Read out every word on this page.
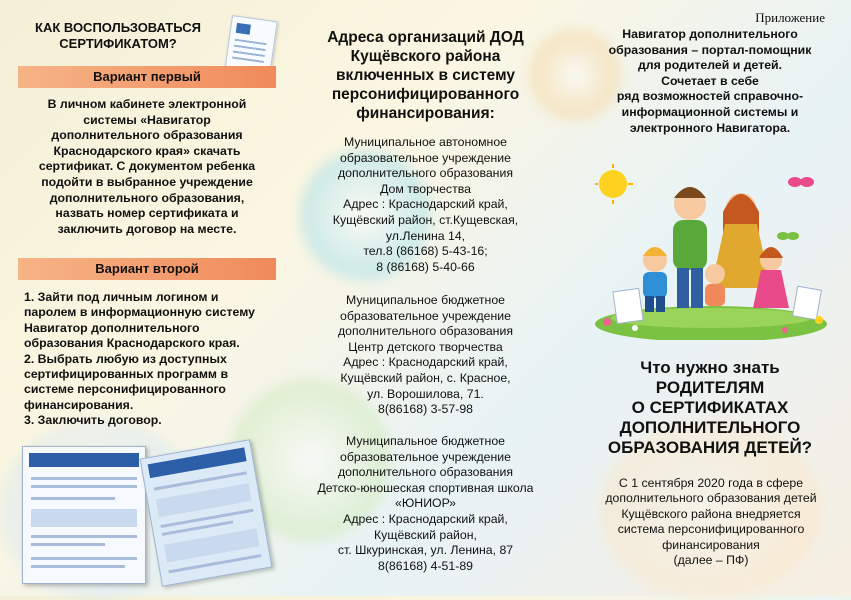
КАК ВОСПОЛЬЗОВАТЬСЯ
СЕРТИФИКАТОМ?
Вариант первый
В личном кабинете электронной
системы «Навигатор
дополнительного образования
Краснодарского края» скачать
сертификат. С документом ребенка
подойти в выбранное учреждение
дополнительного образования,
назвать номер сертификата и
заключить договор на месте.
Вариант второй
1. Зайти под личным логином и
паролем в информационную систему
Навигатор дополнительного
образования Краснодарского края.
2. Выбрать любую из доступных
сертифицированных программ в
системе персонифицированного
финансирования.
3. Заключить договор.
Адреса организаций ДОД
Кущёвского района
включенных в систему
персонифицированного
финансирования:
Муниципальное автономное
образовательное учреждение
дополнительного образования
Дом творчества
Адрес : Краснодарский край,
Кущёвский район, ст.Кущевская,
ул.Ленина 14,
тел.8 (86168) 5-43-16;
8 (86168) 5-40-66
Муниципальное бюджетное
образовательное учреждение
дополнительного образования
Центр детского творчества
Адрес : Краснодарский край,
Кущёвский район, с. Красное,
ул. Ворошилова, 71.
8(86168) 3-57-98
Муниципальное бюджетное
образовательное учреждение
дополнительного образования
Детско-юношеская спортивная школа
«ЮНИОР»
Адрес : Краснодарский край,
Кущёвский район,
ст. Шкуринская, ул. Ленина, 87
8(86168) 4-51-89
Приложение
Навигатор дополнительного
образования – портал-помощник
для родителей и детей.
Сочетает в себе
ряд возможностей справочно-
информационной системы и
электронного Навигатора.
Что нужно знать
РОДИТЕЛЯМ
О СЕРТИФИКАТАХ
ДОПОЛНИТЕЛЬНОГО
ОБРАЗОВАНИЯ ДЕТЕЙ?
С 1 сентября 2020 года в сфере
дополнительного образования детей
Кущёвского района внедряется
система персонифицированного
финансирования
(далее – ПФ)
